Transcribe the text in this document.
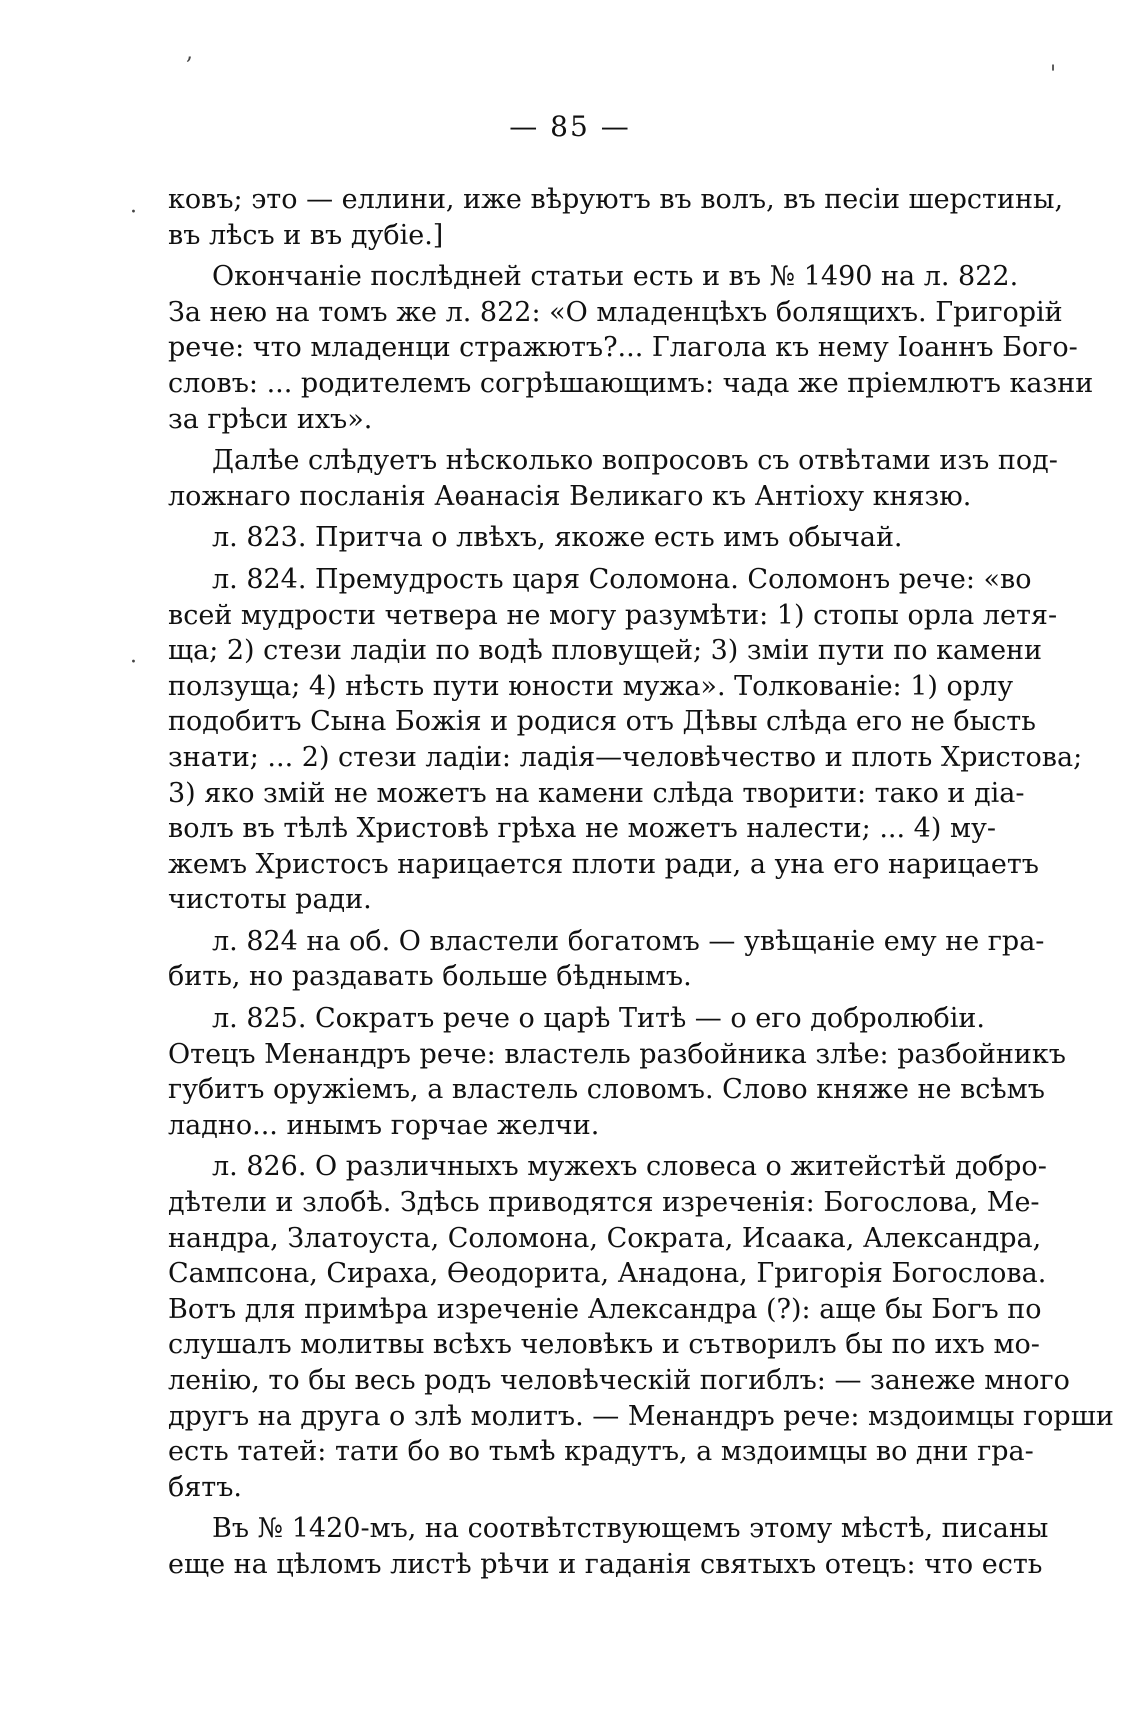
,
'
·
·
— 85 —
ковъ; это — еллини, иже вѣруютъ въ волъ, въ песіи шерстины,
въ лѣсъ и въ дубіе.]
Окончаніе послѣдней статьи есть и въ № 1490 на л. 822.
За нею на томъ же л. 822: «О младенцѣхъ болящихъ. Григорій
рече: что младенци стражютъ?... Глагола къ нему Іоаннъ Бого-
словъ: ... родителемъ согрѣшающимъ: чада же пріемлютъ казни
за грѣси ихъ».
Далѣе слѣдуетъ нѣсколько вопросовъ съ отвѣтами изъ под-
ложнаго посланія Аѳанасія Великаго къ Антіоху князю.
л. 823. Притча о лвѣхъ, якоже есть имъ обычай.
л. 824. Премудрость царя Соломона. Соломонъ рече: «во
всей мудрости четвера не могу разумѣти: 1) стопы орла летя-
ща; 2) стези ладіи по водѣ пловущей; 3) зміи пути по камени
ползуща; 4) нѣсть пути юности мужа». Толкованіе: 1) орлу
подобитъ Сына Божія и родися отъ Дѣвы слѣда его не бысть
знати; ... 2) стези ладіи: ладія—человѣчество и плоть Христова;
3) яко змій не можетъ на камени слѣда творити: тако и діа-
волъ въ тѣлѣ Христовѣ грѣха не можетъ налести; ... 4) му-
жемъ Христосъ нарицается плоти ради, а уна его нарицаетъ
чистоты ради.
л. 824 на об. О властели богатомъ — увѣщаніе ему не гра-
бить, но раздавать больше бѣднымъ.
л. 825. Сократъ рече о царѣ Титѣ — о его добролюбіи.
Отецъ Менандръ рече: властель разбойника злѣе: разбойникъ
губитъ оружіемъ, а властель словомъ. Слово княже не всѣмъ
ладно... инымъ горчае желчи.
л. 826. О различныхъ мужехъ словеса о житейстѣй добро-
дѣтели и злобѣ. Здѣсь приводятся изреченія: Богослова, Ме-
нандра, Златоуста, Соломона, Сократа, Исаака, Александра,
Сампсона, Сираха, Ѳеодорита, Анадона, Григорія Богослова.
Вотъ для примѣра изреченіе Александра (?): аще бы Богъ по
слушалъ молитвы всѣхъ человѣкъ и сътворилъ бы по ихъ мо-
ленію, то бы весь родъ человѣческій погиблъ: — занеже много
другъ на друга о злѣ молитъ. — Менандръ рече: мздоимцы горши
есть татей: тати бо во тьмѣ крадутъ, а мздоимцы во дни гра-
бятъ.
Въ № 1420-мъ, на соотвѣтствующемъ этому мѣстѣ, писаны
еще на цѣломъ листѣ рѣчи и гаданія святыхъ отецъ: что есть
